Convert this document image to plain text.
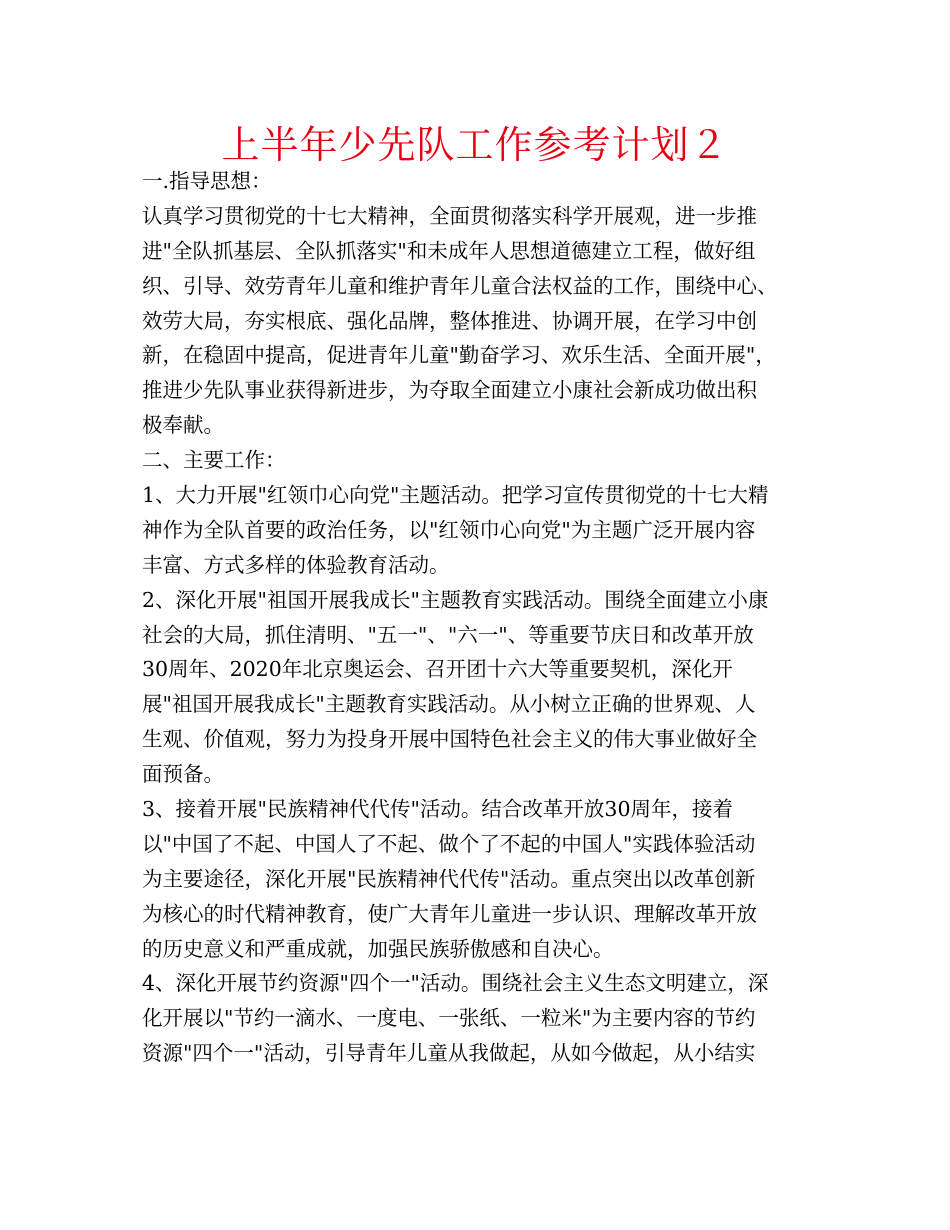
上半年少先队工作参考计划２
一.指导思想：
认真学习贯彻党的十七大精神，全面贯彻落实科学开展观，进一步推
进"全队抓基层、全队抓落实"和未成年人思想道德建立工程，做好组
织、引导、效劳青年儿童和维护青年儿童合法权益的工作，围绕中心、
效劳大局，夯实根底、强化品牌，整体推进、协调开展，在学习中创
新，在稳固中提高，促进青年儿童"勤奋学习、欢乐生活、全面开展"，
推进少先队事业获得新进步，为夺取全面建立小康社会新成功做出积
极奉献。
二、主要工作：
1、大力开展"红领巾心向党"主题活动。把学习宣传贯彻党的十七大精
神作为全队首要的政治任务，以"红领巾心向党"为主题广泛开展内容
丰富、方式多样的体验教育活动。
2、深化开展"祖国开展我成长"主题教育实践活动。围绕全面建立小康
社会的大局，抓住清明、"五一"、"六一"、等重要节庆日和改革开放
30周年、2020年北京奥运会、召开团十六大等重要契机，深化开
展"祖国开展我成长"主题教育实践活动。从小树立正确的世界观、人
生观、价值观，努力为投身开展中国特色社会主义的伟大事业做好全
面预备。
3、接着开展"民族精神代代传"活动。结合改革开放30周年，接着
以"中国了不起、中国人了不起、做个了不起的中国人"实践体验活动
为主要途径，深化开展"民族精神代代传"活动。重点突出以改革创新
为核心的时代精神教育，使广大青年儿童进一步认识、理解改革开放
的历史意义和严重成就，加强民族骄傲感和自决心。
4、深化开展节约资源"四个一"活动。围绕社会主义生态文明建立，深
化开展以"节约一滴水、一度电、一张纸、一粒米"为主要内容的节约
资源"四个一"活动，引导青年儿童从我做起，从如今做起，从小结实
